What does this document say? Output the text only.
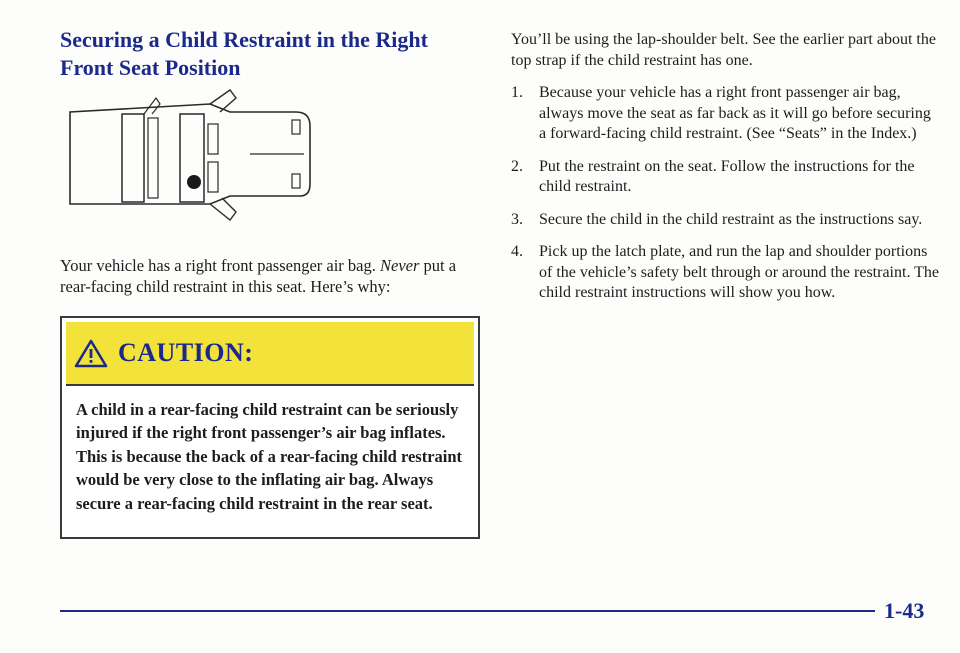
Securing a Child Restraint in the Right Front Seat Position

Your vehicle has a right front passenger air bag. Never put a rear-facing child restraint in this seat. Here’s why:

CAUTION:

A child in a rear-facing child restraint can be seriously injured if the right front passenger’s air bag inflates. This is because the back of a rear-facing child restraint would be very close to the inflating air bag. Always secure a rear-facing child restraint in the rear seat.

You’ll be using the lap-shoulder belt. See the earlier part about the top strap if the child restraint has one.

1.	Because your vehicle has a right front passenger air bag, always move the seat as far back as it will go before securing a forward-facing child restraint. (See “Seats” in the Index.)
2.	Put the restraint on the seat. Follow the instructions for the child restraint.
3.	Secure the child in the child restraint as the instructions say.
4.	Pick up the latch plate, and run the lap and shoulder portions of the vehicle’s safety belt through or around the restraint. The child restraint instructions will show you how.
1-43
